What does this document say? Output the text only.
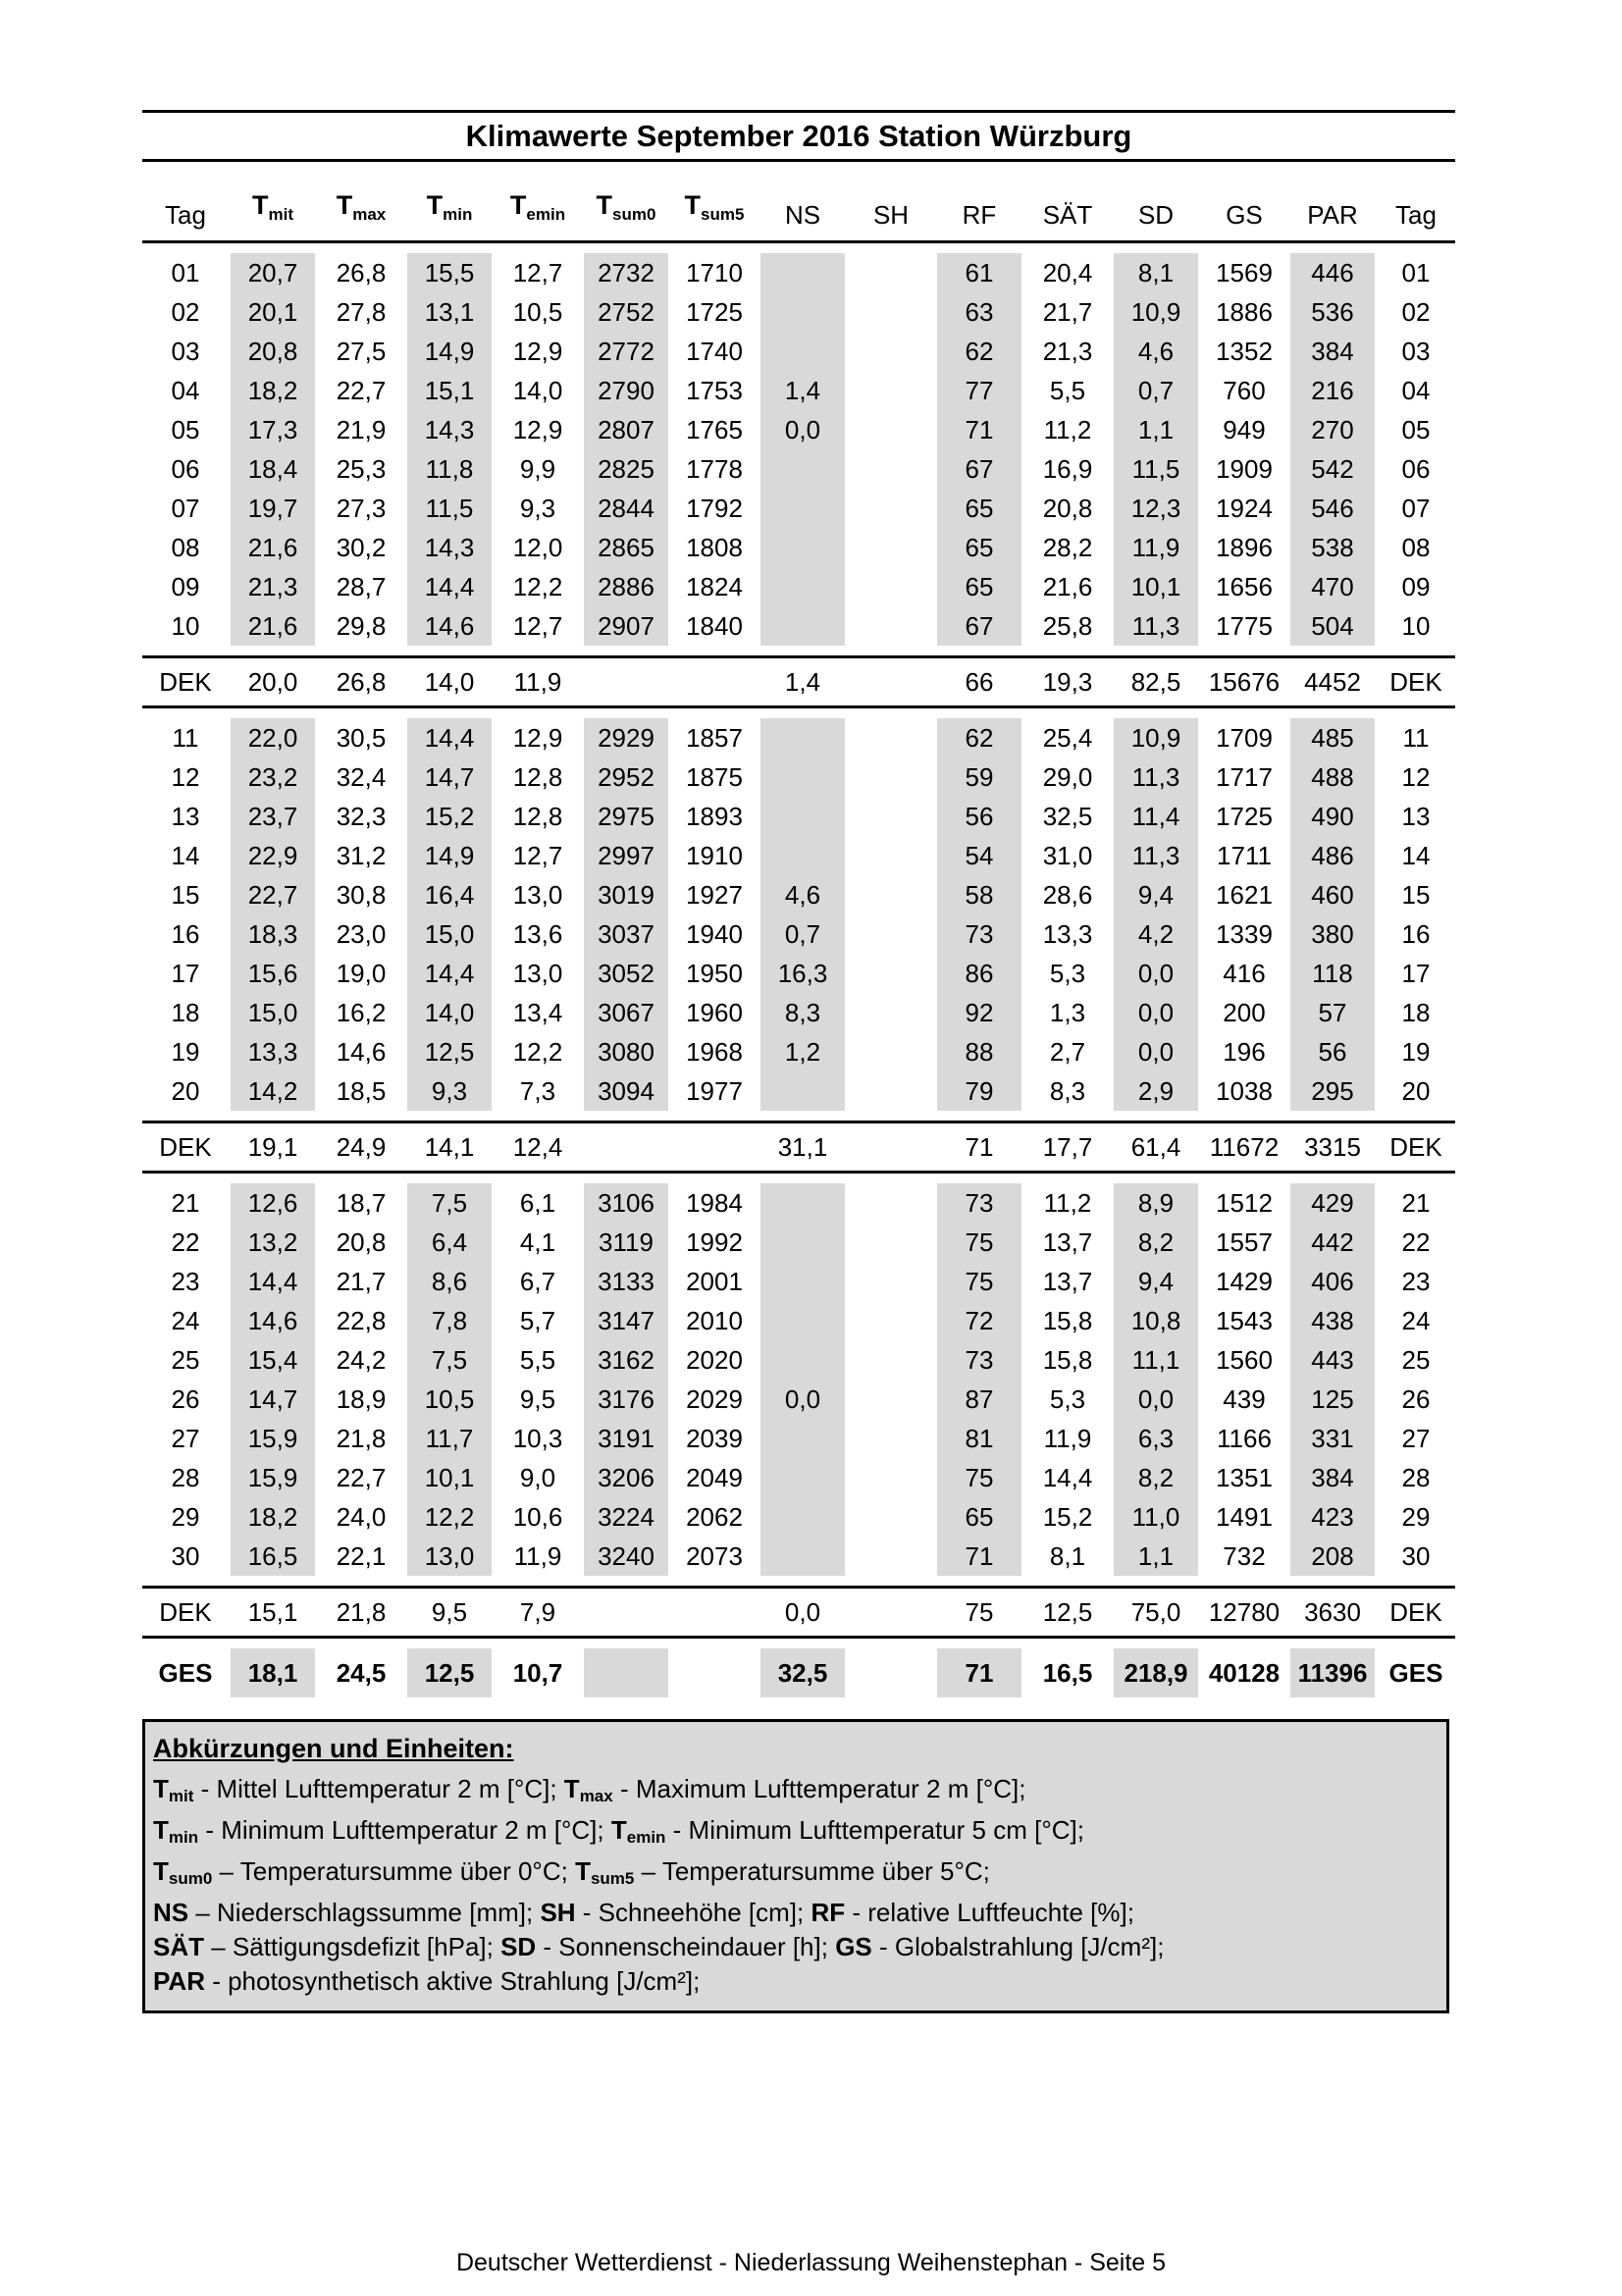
Klimawerte September 2016 Station Würzburg
Tag	$T_{mit}$	$T_{max}$	$T_{min}$	$T_{emin}$	$T_{sum0}$	$T_{sum5}$	NS	SH	RF	SÄT	SD	GS	PAR	Tag

01	20,7	26,8	15,5	12,7	2732	1710			61	20,4	8,1	1569	446	01
02	20,1	27,8	13,1	10,5	2752	1725			63	21,7	10,9	1886	536	02
03	20,8	27,5	14,9	12,9	2772	1740			62	21,3	4,6	1352	384	03
04	18,2	22,7	15,1	14,0	2790	1753	1,4		77	5,5	0,7	760	216	04
05	17,3	21,9	14,3	12,9	2807	1765	0,0		71	11,2	1,1	949	270	05
06	18,4	25,3	11,8	9,9	2825	1778			67	16,9	11,5	1909	542	06
07	19,7	27,3	11,5	9,3	2844	1792			65	20,8	12,3	1924	546	07
08	21,6	30,2	14,3	12,0	2865	1808			65	28,2	11,9	1896	538	08
09	21,3	28,7	14,4	12,2	2886	1824			65	21,6	10,1	1656	470	09
10	21,6	29,8	14,6	12,7	2907	1840			67	25,8	11,3	1775	504	10

DEK	20,0	26,8	14,0	11,9			1,4		66	19,3	82,5	15676	4452	DEK

11	22,0	30,5	14,4	12,9	2929	1857			62	25,4	10,9	1709	485	11
12	23,2	32,4	14,7	12,8	2952	1875			59	29,0	11,3	1717	488	12
13	23,7	32,3	15,2	12,8	2975	1893			56	32,5	11,4	1725	490	13
14	22,9	31,2	14,9	12,7	2997	1910			54	31,0	11,3	1711	486	14
15	22,7	30,8	16,4	13,0	3019	1927	4,6		58	28,6	9,4	1621	460	15
16	18,3	23,0	15,0	13,6	3037	1940	0,7		73	13,3	4,2	1339	380	16
17	15,6	19,0	14,4	13,0	3052	1950	16,3		86	5,3	0,0	416	118	17
18	15,0	16,2	14,0	13,4	3067	1960	8,3		92	1,3	0,0	200	57	18
19	13,3	14,6	12,5	12,2	3080	1968	1,2		88	2,7	0,0	196	56	19
20	14,2	18,5	9,3	7,3	3094	1977			79	8,3	2,9	1038	295	20

DEK	19,1	24,9	14,1	12,4			31,1		71	17,7	61,4	11672	3315	DEK

21	12,6	18,7	7,5	6,1	3106	1984			73	11,2	8,9	1512	429	21
22	13,2	20,8	6,4	4,1	3119	1992			75	13,7	8,2	1557	442	22
23	14,4	21,7	8,6	6,7	3133	2001			75	13,7	9,4	1429	406	23
24	14,6	22,8	7,8	5,7	3147	2010			72	15,8	10,8	1543	438	24
25	15,4	24,2	7,5	5,5	3162	2020			73	15,8	11,1	1560	443	25
26	14,7	18,9	10,5	9,5	3176	2029	0,0		87	5,3	0,0	439	125	26
27	15,9	21,8	11,7	10,3	3191	2039			81	11,9	6,3	1166	331	27
28	15,9	22,7	10,1	9,0	3206	2049			75	14,4	8,2	1351	384	28
29	18,2	24,0	12,2	10,6	3224	2062			65	15,2	11,0	1491	423	29
30	16,5	22,1	13,0	11,9	3240	2073			71	8,1	1,1	732	208	30

DEK	15,1	21,8	9,5	7,9			0,0		75	12,5	75,0	12780	3630	DEK

GES	18,1	24,5	12,5	10,7			32,5		71	16,5	218,9	40128	11396	GES
Abkürzungen und Einheiten:
$T_{mit}$ - Mittel Lufttemperatur 2 m [°C]; $T_{max}$ - Maximum Lufttemperatur 2 m [°C];
$T_{min}$ - Minimum Lufttemperatur 2 m [°C]; $T_{emin}$ - Minimum Lufttemperatur 5 cm [°C];
$T_{sum0}$ – Temperatursumme über 0°C; $T_{sum5}$ – Temperatursumme über 5°C;
NS – Niederschlagssumme [mm]; SH - Schneehöhe [cm]; RF - relative Luftfeuchte [%];
SÄT – Sättigungsdefizit [hPa]; SD - Sonnenscheindauer [h]; GS - Globalstrahlung [J/cm²];
PAR - photosynthetisch aktive Strahlung [J/cm²];
Deutscher Wetterdienst - Niederlassung Weihenstephan - Seite 5
